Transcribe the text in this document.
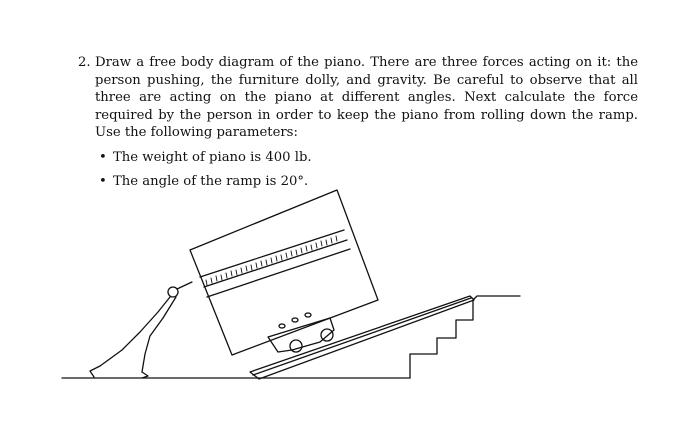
2. Draw a free body diagram of the piano. There are three forces acting on it: the person pushing, the furniture dolly, and gravity. Be careful to observe that all three are acting on the piano at different angles. Next calculate the force required by the person in order to keep the piano from rolling down the ramp. Use the following parameters:
• The weight of piano is 400 lb.
• The angle of the ramp is 20°.
